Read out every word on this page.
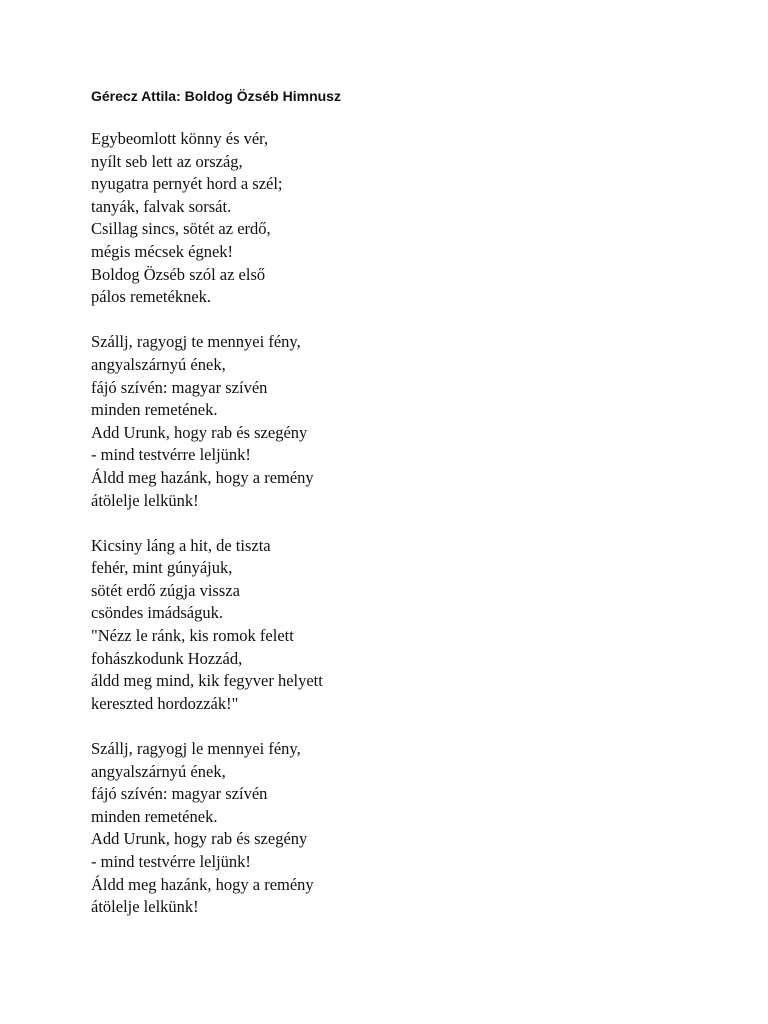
Gérecz Attila: Boldog Özséb Himnusz
Egybeomlott könny és vér,
nyílt seb lett az ország,
nyugatra pernyét hord a szél;
tanyák, falvak sorsát.
Csillag sincs, sötét az erdő,
mégis mécsek égnek!
Boldog Özséb szól az első
pálos remetéknek.
Szállj, ragyogj te mennyei fény,
angyalszárnyú ének,
fájó szívén: magyar szívén
minden remetének.
Add Urunk, hogy rab és szegény
- mind testvérre leljünk!
Áldd meg hazánk, hogy a remény
átölelje lelkünk!
Kicsiny láng a hit, de tiszta
fehér, mint gúnyájuk,
sötét erdő zúgja vissza
csöndes imádságuk.
"Nézz le ránk, kis romok felett
fohászkodunk Hozzád,
áldd meg mind, kik fegyver helyett
kereszted hordozzák!"
Szállj, ragyogj le mennyei fény,
angyalszárnyú ének,
fájó szívén: magyar szívén
minden remetének.
Add Urunk, hogy rab és szegény
- mind testvérre leljünk!
Áldd meg hazánk, hogy a remény
átölelje lelkünk!
